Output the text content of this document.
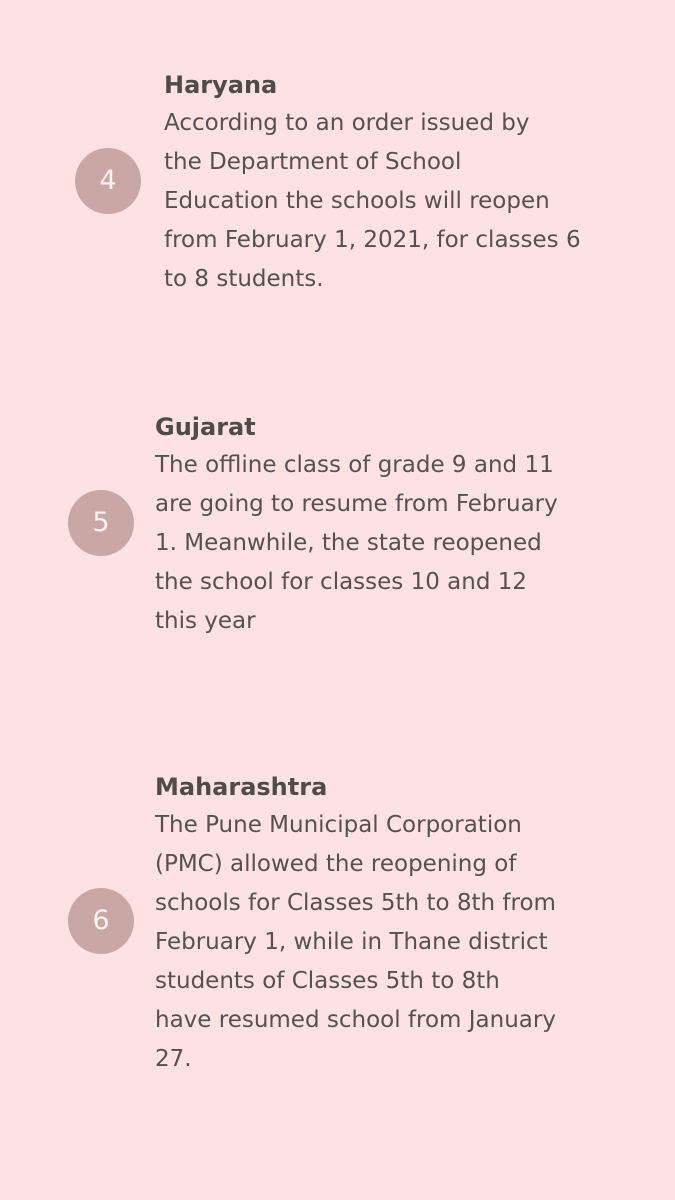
4
Haryana

According to an order issued by
the Department of School
Education the schools will reopen
from February 1, 2021, for classes 6
to 8 students.

5
Gujarat

The offline class of grade 9 and 11
are going to resume from February
1. Meanwhile, the state reopened
the school for classes 10 and 12
this year

6
Maharashtra

The Pune Municipal Corporation
(PMC) allowed the reopening of
schools for Classes 5th to 8th from
February 1, while in Thane district
students of Classes 5th to 8th
have resumed school from January
27.
